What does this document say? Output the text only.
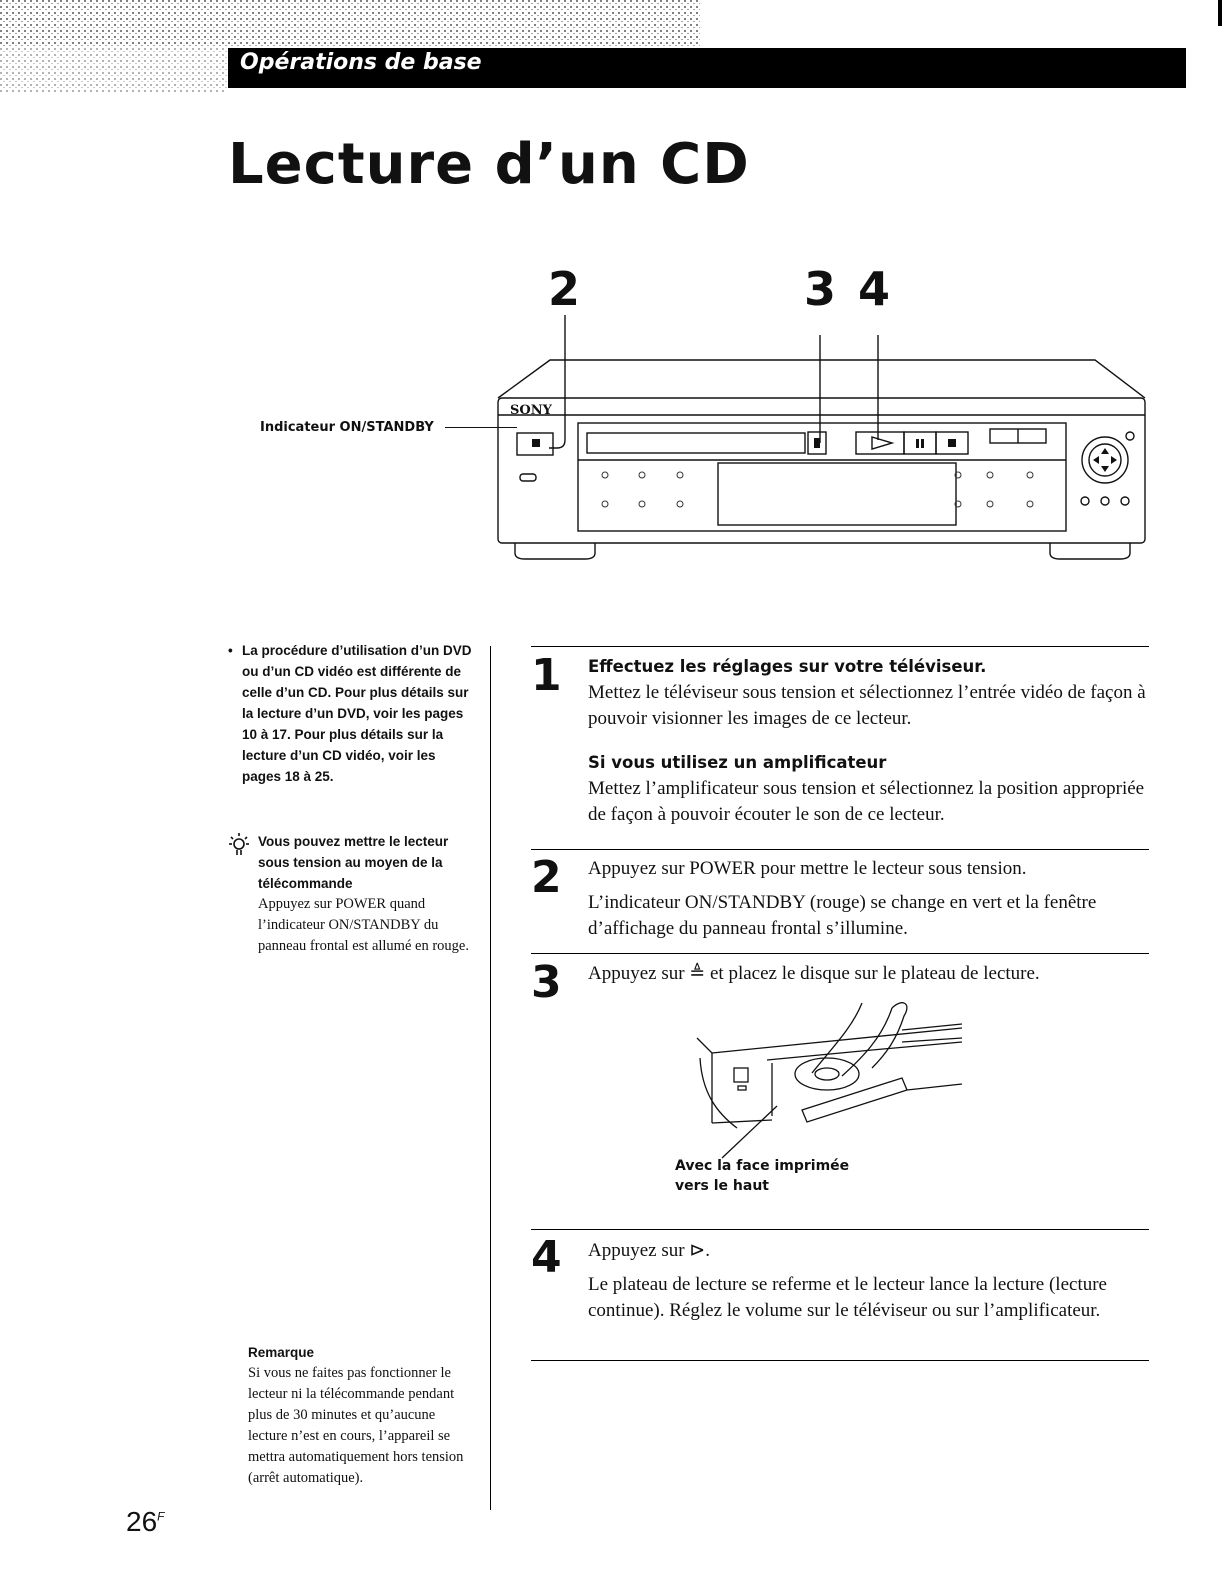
Opérations de base
Lecture d’un CD
2	3 4
SONY
Indicateur ON/STANDBY
• La procédure d’utilisation d’un DVD ou d’un CD vidéo est différente de celle d’un CD. Pour plus détails sur la lecture d’un DVD, voir les pages 10 à 17. Pour plus détails sur la lecture d’un CD vidéo, voir les pages 18 à 25.
Vous pouvez mettre le lecteur sous tension au moyen de la télécommande
Appuyez sur POWER quand l’indicateur ON/STANDBY du panneau frontal est allumé en rouge.
Remarque
Si vous ne faites pas fonctionner le lecteur ni la télécommande pendant plus de 30 minutes et qu’aucune lecture n’est en cours, l’appareil se mettra automatiquement hors tension (arrêt automatique).
1 Effectuez les réglages sur votre téléviseur.
Mettez le téléviseur sous tension et sélectionnez l’entrée vidéo de façon à pouvoir visionner les images de ce lecteur.
Si vous utilisez un amplificateur
Mettez l’amplificateur sous tension et sélectionnez la position appropriée de façon à pouvoir écouter le son de ce lecteur.
2 Appuyez sur POWER pour mettre le lecteur sous tension.
L’indicateur ON/STANDBY (rouge) se change en vert et la fenêtre d’affichage du panneau frontal s’illumine.
3 Appuyez sur ≜ et placez le disque sur le plateau de lecture.
Avec la face imprimée vers le haut
4 Appuyez sur ⊳.
Le plateau de lecture se referme et le lecteur lance la lecture (lecture continue). Réglez le volume sur le téléviseur ou sur l’amplificateur.
$26^F$
